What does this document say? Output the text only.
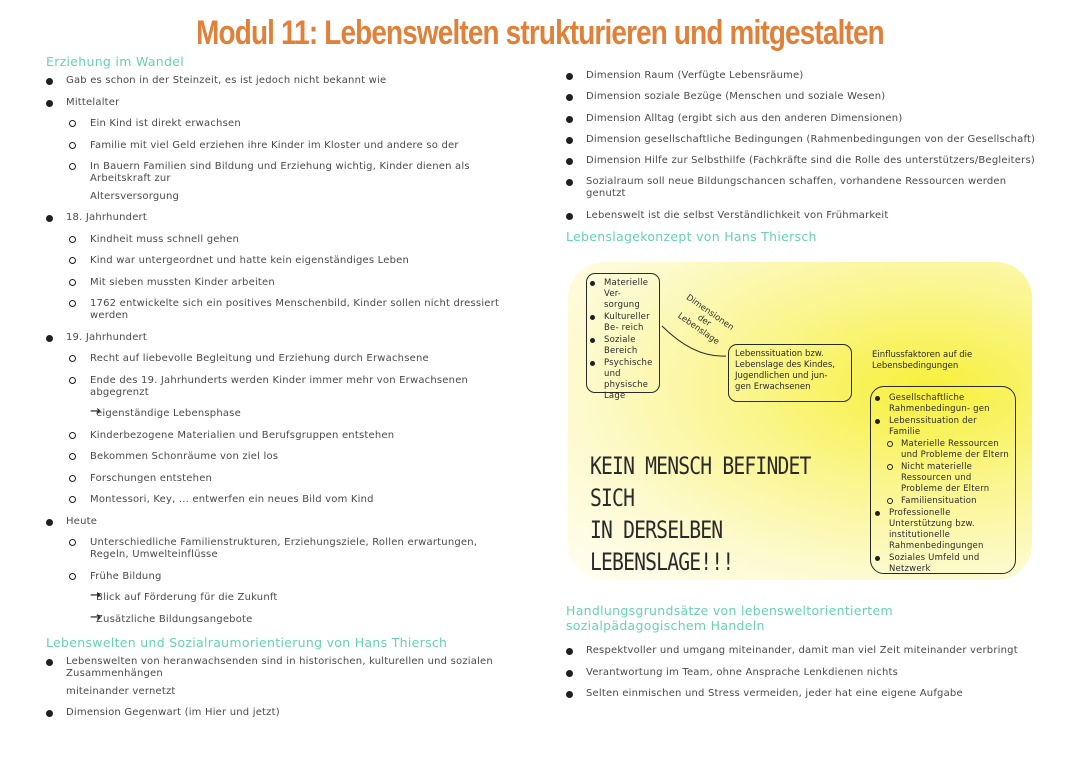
Modul 11: Lebenswelten strukturieren und mitgestalten
Erziehung im Wandel
Gab es schon in der Steinzeit, es ist jedoch nicht bekannt wie
Mittelalter
Ein Kind ist direkt erwachsen
Familie mit viel Geld erziehen ihre Kinder im Kloster und andere so der
In Bauern Familien sind Bildung und Erziehung wichtig, Kinder dienen als Arbeitskraft zur
Altersversorgung
18. Jahrhundert
Kindheit muss schnell gehen
Kind war untergeordnet und hatte kein eigenständiges Leben
Mit sieben mussten Kinder arbeiten
1762 entwickelte sich ein positives Menschenbild, Kinder sollen nicht dressiert werden
19. Jahrhundert
Recht auf liebevolle Begleitung und Erziehung durch Erwachsene
Ende des 19. Jahrhunderts werden Kinder immer mehr von Erwachsenen abgegrenzt
→ eigenständige Lebensphase
Kinderbezogene Materialien und Berufsgruppen entstehen
Bekommen Schonräume von ziel los
Forschungen entstehen
Montessori, Key, ... entwerfen ein neues Bild vom Kind
Heute
Unterschiedliche Familienstrukturen, Erziehungsziele, Rollen erwartungen, Regeln, Umwelteinflüsse
Frühe Bildung
→ Blick auf Förderung für die Zukunft
→ Zusätzliche Bildungsangebote
Lebenswelten und Sozialraumorientierung von Hans Thiersch
Lebenswelten von heranwachsenden sind in historischen, kulturellen und sozialen Zusammenhängen
miteinander vernetzt
Dimension Gegenwart (im Hier und jetzt)
Dimension Raum (Verfügte Lebensräume)
Dimension soziale Bezüge (Menschen und soziale Wesen)
Dimension Alltag (ergibt sich aus den anderen Dimensionen)
Dimension gesellschaftliche Bedingungen (Rahmenbedingungen von der Gesellschaft)
Dimension Hilfe zur Selbsthilfe (Fachkräfte sind die Rolle des unterstützers/Begleiters)
Sozialraum soll neue Bildungschancen schaffen, vorhandene Ressourcen werden genutzt
Lebenswelt ist die selbst Verständlichkeit von Frühmarkeit
Lebenslagekonzept von Hans Thiersch
Materielle Ver- sorgung
Kultureller Be- reich
Soziale Bereich
Psychische und physische Lage
Dimensionen der Lebenslage
Lebenssituation bzw. Lebenslage des Kindes, Jugendlichen und jun- gen Erwachsenen
Einflussfaktoren auf die Lebensbedingungen
Gesellschaftliche Rahmenbedingun- gen
Lebenssituation der Familie
Materielle Ressourcen und Probleme der Eltern
Nicht materielle Ressourcen und Probleme der Eltern
Familiensituation
Professionelle Unterstützung bzw. institutionelle Rahmenbedingungen
Soziales Umfeld und Netzwerk
KEIN MENSCH BEFINDET SICH
IN DERSELBEN LEBENSLAGE!!!
Handlungsgrundsätze von lebensweltorientiertem sozialpädagogischem Handeln
Respektvoller und umgang miteinander, damit man viel Zeit miteinander verbringt
Verantwortung im Team, ohne Ansprache Lenkdienen nichts
Selten einmischen und Stress vermeiden, jeder hat eine eigene Aufgabe
